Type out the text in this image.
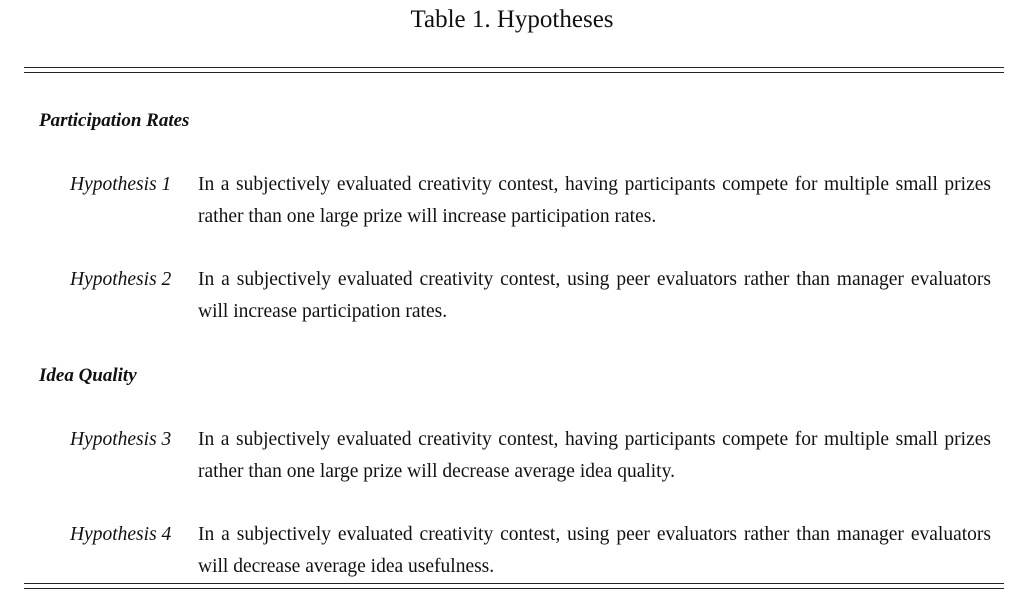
Table 1. Hypotheses
Participation Rates
Hypothesis 1 In a subjectively evaluated creativity contest, having participants compete for multiple small prizes rather than one large prize will increase participation rates.
Hypothesis 2 In a subjectively evaluated creativity contest, using peer evaluators rather than manager evaluators will increase participation rates.
Idea Quality
Hypothesis 3 In a subjectively evaluated creativity contest, having participants compete for multiple small prizes rather than one large prize will decrease average idea quality.
Hypothesis 4 In a subjectively evaluated creativity contest, using peer evaluators rather than manager evaluators will decrease average idea usefulness.
